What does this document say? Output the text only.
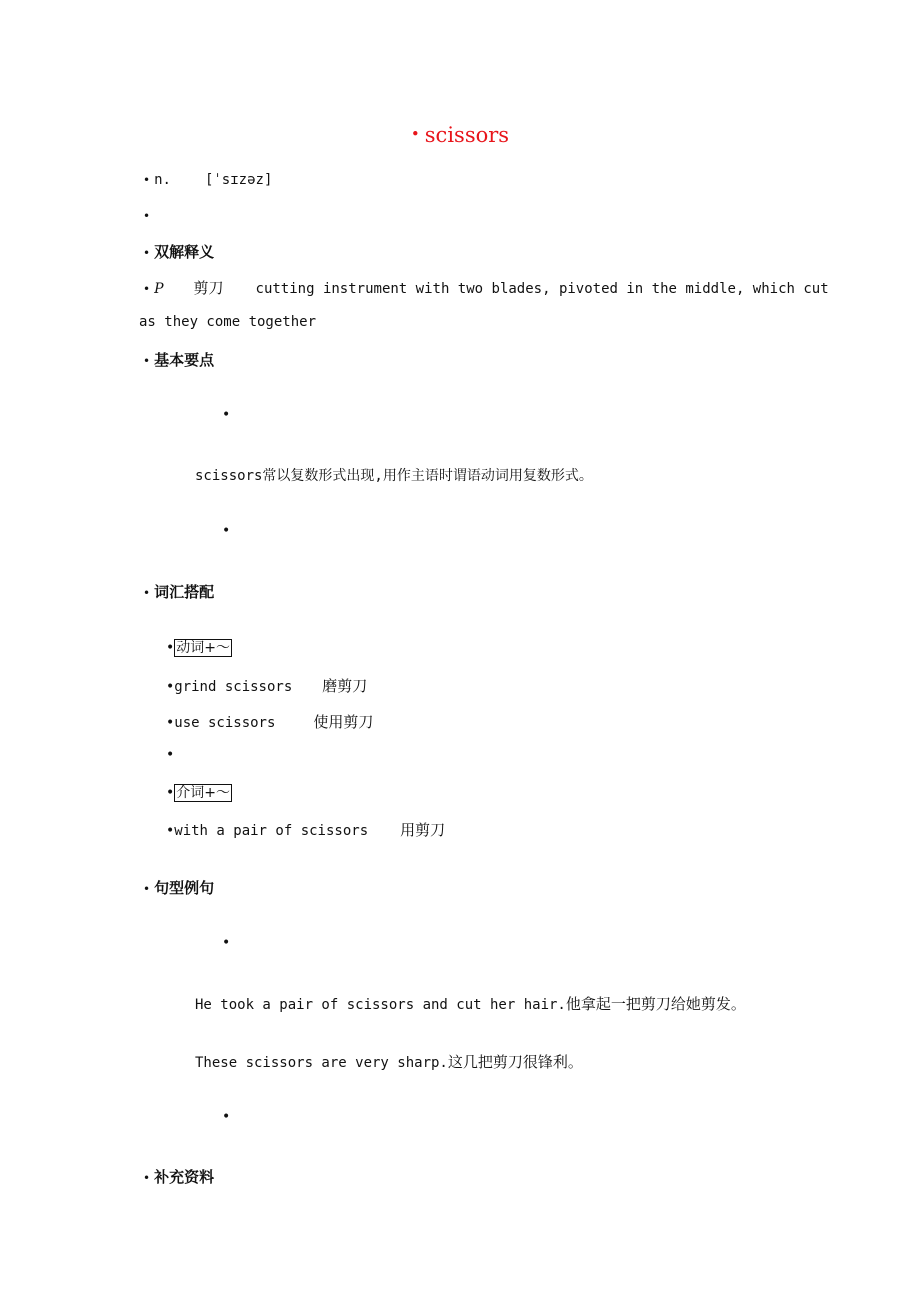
• scissors
• n. [ˈsɪzəz]
•
• 双解释义
• P 剪刀 cutting instrument with two blades, pivoted in the middle, which cut
as they come together
• 基本要点
•
scissors常以复数形式出现,用作主语时谓语动词用复数形式。
•
• 词汇搭配
• 动词+〜
•grind scissors 磨剪刀
•use scissors	使用剪刀
•
• 介词+〜
•with a pair of scissors 用剪刀
• 句型例句
•
He took a pair of scissors and cut her hair.他拿起一把剪刀给她剪发。
These scissors are very sharp.这几把剪刀很锋利。
•
• 补充资料
